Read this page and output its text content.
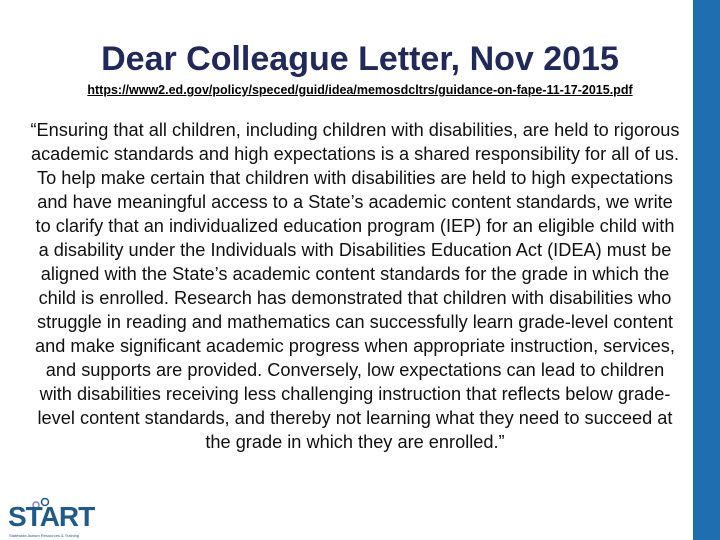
Dear Colleague Letter, Nov 2015
https://www2.ed.gov/policy/speced/guid/idea/memosdcltrs/guidance-on-fape-11-17-2015.pdf
“Ensuring that all children, including children with disabilities, are held to rigorous academic standards and high expectations is a shared responsibility for all of us. To help make certain that children with disabilities are held to high expectations and have meaningful access to a State’s academic content standards, we write to clarify that an individualized education program (IEP) for an eligible child with a disability under the Individuals with Disabilities Education Act (IDEA) must be aligned with the State’s academic content standards for the grade in which the child is enrolled. Research has demonstrated that children with disabilities who struggle in reading and mathematics can successfully learn grade-level content and make significant academic progress when appropriate instruction, services, and supports are provided. Conversely, low expectations can lead to children with disabilities receiving less challenging instruction that reflects below grade-level content standards, and thereby not learning what they need to succeed at the grade in which they are enrolled.”
START
Statewide Autism Resources & Training
